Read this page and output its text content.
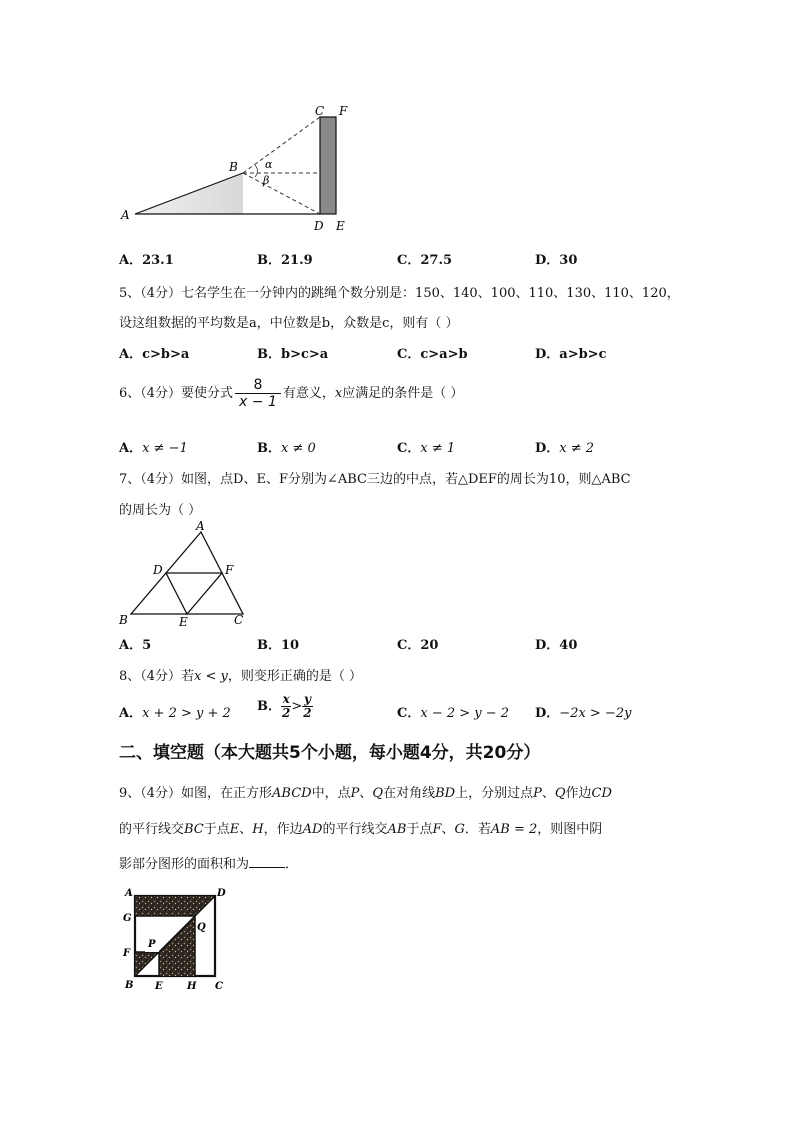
A
B
C F
D E
α
β
A．23.1	B．21.9	C．27.5	D．30
5、（4分）七名学生在一分钟内的跳绳个数分别是：150、140、100、110、130、110、120，
设这组数据的平均数是a，中位数是b，众数是c，则有（ ）
A．c>b>a	B．b>c>a	C．c>a>b	D．a>b>c
6、（4分）要使分式 $\frac{8}{x - 1}$ 有意义，x应满足的条件是（ ）
A．x ≠ −1	B．x ≠ 0	C．x ≠ 1	D．x ≠ 2
7、（4分）如图，点D、E、F分别为∠ABC三边的中点，若△DEF的周长为10，则△ABC
的周长为（ ）
A
B	C
D
E
F
A．5	B．10	C．20	D．40
8、（4分）若x < y，则变形正确的是（ ）
A．x + 2 > y + 2 B． $\frac{x}{2} > \frac{y}{2}$	C．x − 2 > y − 2 D．−2x > −2y
二、填空题（本大题共5个小题，每小题4分，共20分）
9、（4分）如图，在正方形ABCD中，点P、Q在对角线BD上，分别过点P、Q作边CD
的平行线交BC于点E、H，作边AD的平行线交AB于点F、G．若AB = 2，则图中阴
影部分图形的面积和为	．
A	D
G
Q
P
F
B E H C
